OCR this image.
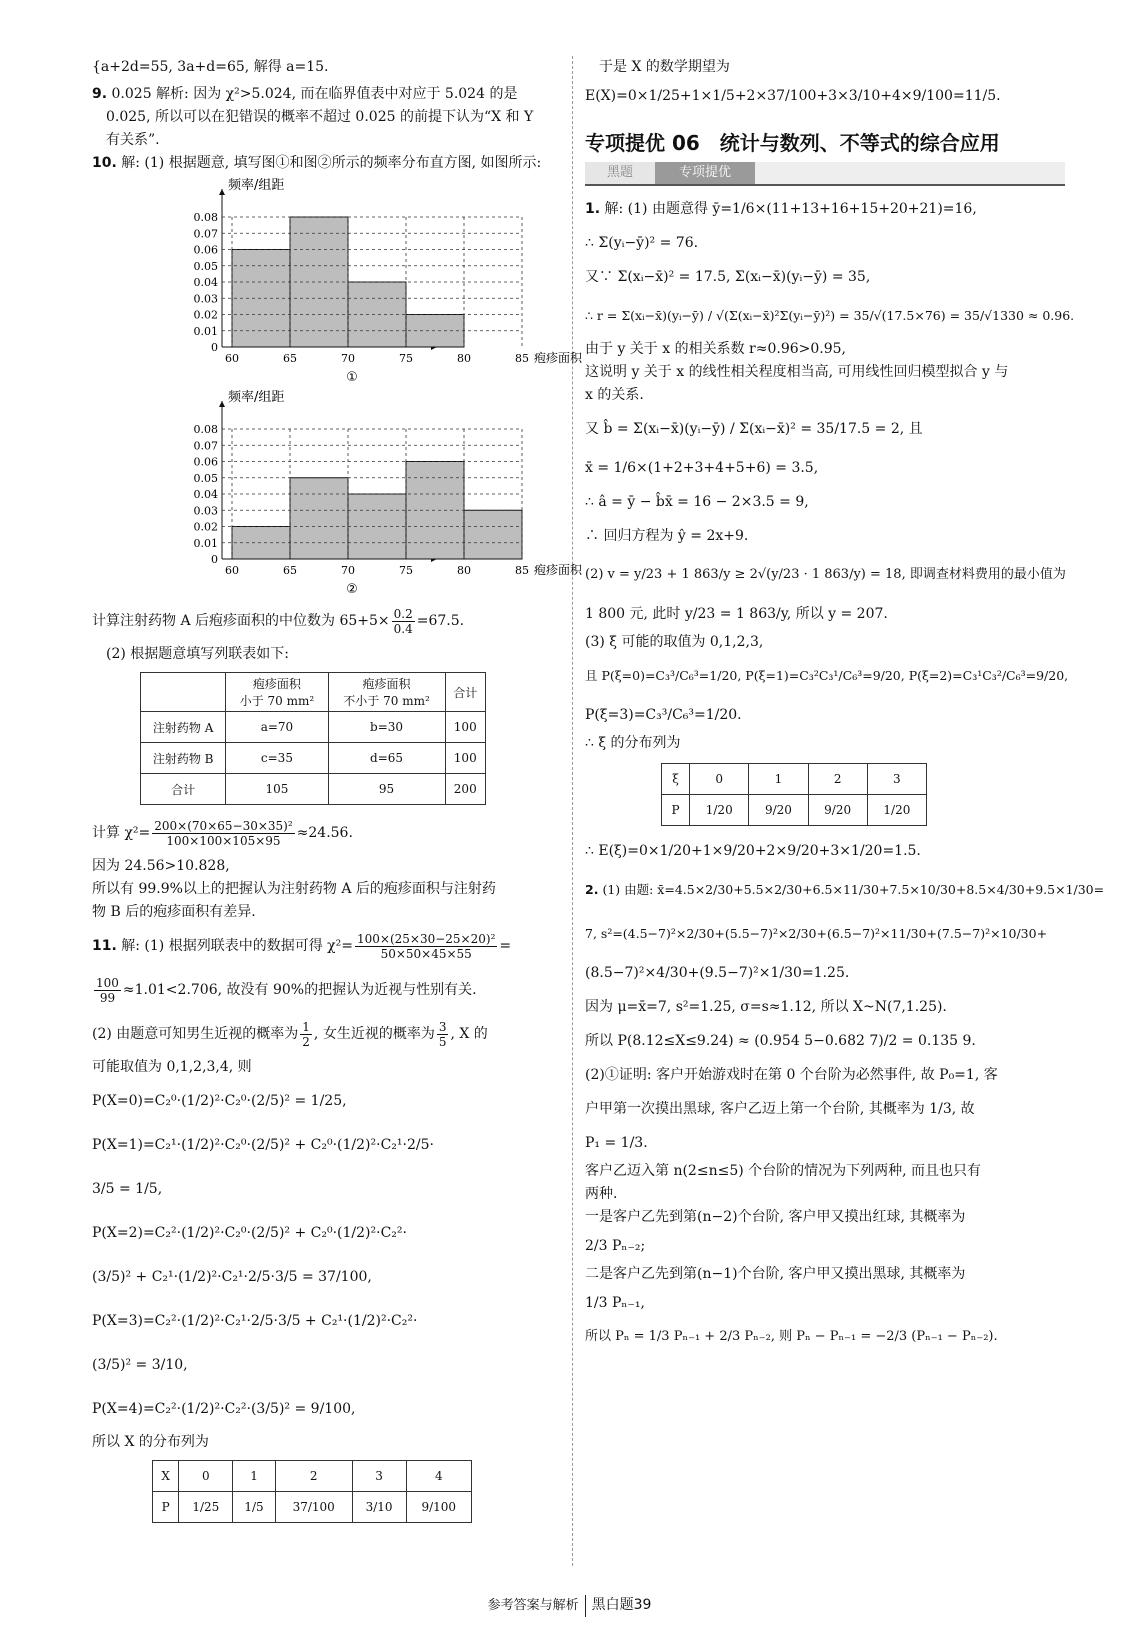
{a+2d=55, 3a+d=65, 解得 a=15.

9. 0.025 解析: 因为 χ²>5.024, 而在临界值表中对应于 5.024 的是

0.025, 所以可以在犯错误的概率不超过 0.025 的前提下认为“X 和 Y

有关系”.

10. 解: (1) 根据题意, 填写图①和图②所示的频率分布直方图, 如图所示:

频率/组距
0.01
0.02
0.03
0.04
0.05
0.06
0.07
0.08
0
60	65	70	75	80	85 疱疹面积
①
频率/组距
0.01
0.02
0.03
0.04
0.05
0.06
0.07
0.08
0
60	65	70	75	80	85 疱疹面积
②

计算注射药物 A 后疱疹面积的中位数为 $65+5\times \frac{0.2}{0.4} =67.5$.

(2) 根据题意填写列联表如下:

	疱疹面积
小于 70 mm²	疱疹面积
不小于 70 mm²	合计
注射药物 A	a=70	b=30	100
注射药物 B	c=35	d=65	100
合计	105	95	200

计算 $\chi^2= \frac{\text{200×(70×65−30×35)²}}{100\times 100\times 105\times 95} \approx 24.56$.

因为 24.56>10.828,

所以有 99.9%以上的把握认为注射药物 A 后的疱疹面积与注射药

物 B 后的疱疹面积有差异.

11. 解: (1) 根据列联表中的数据可得 $\chi^2= \frac{\text{100×(25×30−25×20)²}}{50\times 50\times 45\times 55}$ =

$\frac{100}{99} \approx 1.01<2.706$, 故没有 90%的把握认为近视与性别有关.

(2) 由题意可知男生近视的概率为 $\frac{1}{2}$ , 女生近视的概率为 $\frac{3}{5}$ , X 的

可能取值为 0,1,2,3,4, 则

P(X=0)=C₂⁰·(1/2)²·C₂⁰·(2/5)² = 1/25,

P(X=1)=C₂¹·(1/2)²·C₂⁰·(2/5)² + C₂⁰·(1/2)²·C₂¹·2/5·

3/5 = 1/5,

P(X=2)=C₂²·(1/2)²·C₂⁰·(2/5)² + C₂⁰·(1/2)²·C₂²·

(3/5)² + C₂¹·(1/2)²·C₂¹·2/5·3/5 = 37/100,

P(X=3)=C₂²·(1/2)²·C₂¹·2/5·3/5 + C₂¹·(1/2)²·C₂²·

(3/5)² = 3/10,

P(X=4)=C₂²·(1/2)²·C₂²·(3/5)² = 9/100,

所以 X 的分布列为

X	0	1	2	3	4
P	1/25	1/5	37/100	3/10	9/100

于是 X 的数学期望为

E(X)=0×1/25+1×1/5+2×37/100+3×3/10+4×9/100=11/5.

专项提优 06　统计与数列、不等式的综合应用
黑题	专项提优

1. 解: (1) 由题意得 ȳ=1/6×(11+13+16+15+20+21)=16,

∴ Σ(yᵢ−ȳ)² = 76.

又∵ Σ(xᵢ−x̄)² = 17.5, Σ(xᵢ−x̄)(yᵢ−ȳ) = 35,

∴ r = Σ(xᵢ−x̄)(yᵢ−ȳ) / √(Σ(xᵢ−x̄)²Σ(yᵢ−ȳ)²) = 35/√(17.5×76) = 35/√1330 ≈ 0.96.

由于 y 关于 x 的相关系数 r≈0.96>0.95,

这说明 y 关于 x 的线性相关程度相当高, 可用线性回归模型拟合 y 与

x 的关系.

又 b̂ = Σ(xᵢ−x̄)(yᵢ−ȳ) / Σ(xᵢ−x̄)² = 35/17.5 = 2, 且

x̄ = 1/6×(1+2+3+4+5+6) = 3.5,

∴ â = ȳ − b̂x̄ = 16 − 2×3.5 = 9,

∴ 回归方程为 ŷ = 2x+9.

(2) v = y/23 + 1 863/y ≥ 2√(y/23 · 1 863/y) = 18, 即调查材料费用的最小值为

1 800 元, 此时 y/23 = 1 863/y, 所以 y = 207.

(3) ξ 可能的取值为 0,1,2,3,

且 P(ξ=0)=C₃³/C₆³=1/20, P(ξ=1)=C₃²C₃¹/C₆³=9/20, P(ξ=2)=C₃¹C₃²/C₆³=9/20,

P(ξ=3)=C₃³/C₆³=1/20.

∴ ξ 的分布列为

ξ	0	1	2	3
P	1/20	9/20	9/20	1/20

∴ E(ξ)=0×1/20+1×9/20+2×9/20+3×1/20=1.5.

2. (1) 由题: x̄=4.5×2/30+5.5×2/30+6.5×11/30+7.5×10/30+8.5×4/30+9.5×1/30=

7, s²=(4.5−7)²×2/30+(5.5−7)²×2/30+(6.5−7)²×11/30+(7.5−7)²×10/30+

(8.5−7)²×4/30+(9.5−7)²×1/30=1.25.

因为 μ=x̄=7, s²=1.25, σ=s≈1.12, 所以 X~N(7,1.25).

所以 P(8.12≤X≤9.24) ≈ (0.954 5−0.682 7)/2 = 0.135 9.

(2)①证明: 客户开始游戏时在第 0 个台阶为必然事件, 故 P₀=1, 客

户甲第一次摸出黑球, 客户乙迈上第一个台阶, 其概率为 1/3, 故

P₁ = 1/3.

客户乙迈入第 n(2≤n≤5) 个台阶的情况为下列两种, 而且也只有

两种.

一是客户乙先到第(n−2)个台阶, 客户甲又摸出红球, 其概率为

2/3 Pₙ₋₂;

二是客户乙先到第(n−1)个台阶, 客户甲又摸出黑球, 其概率为

1/3 Pₙ₋₁,

所以 Pₙ = 1/3 Pₙ₋₁ + 2/3 Pₙ₋₂, 则 Pₙ − Pₙ₋₁ = −2/3 (Pₙ₋₁ − Pₙ₋₂).

参考答案与解析 黑白题39
